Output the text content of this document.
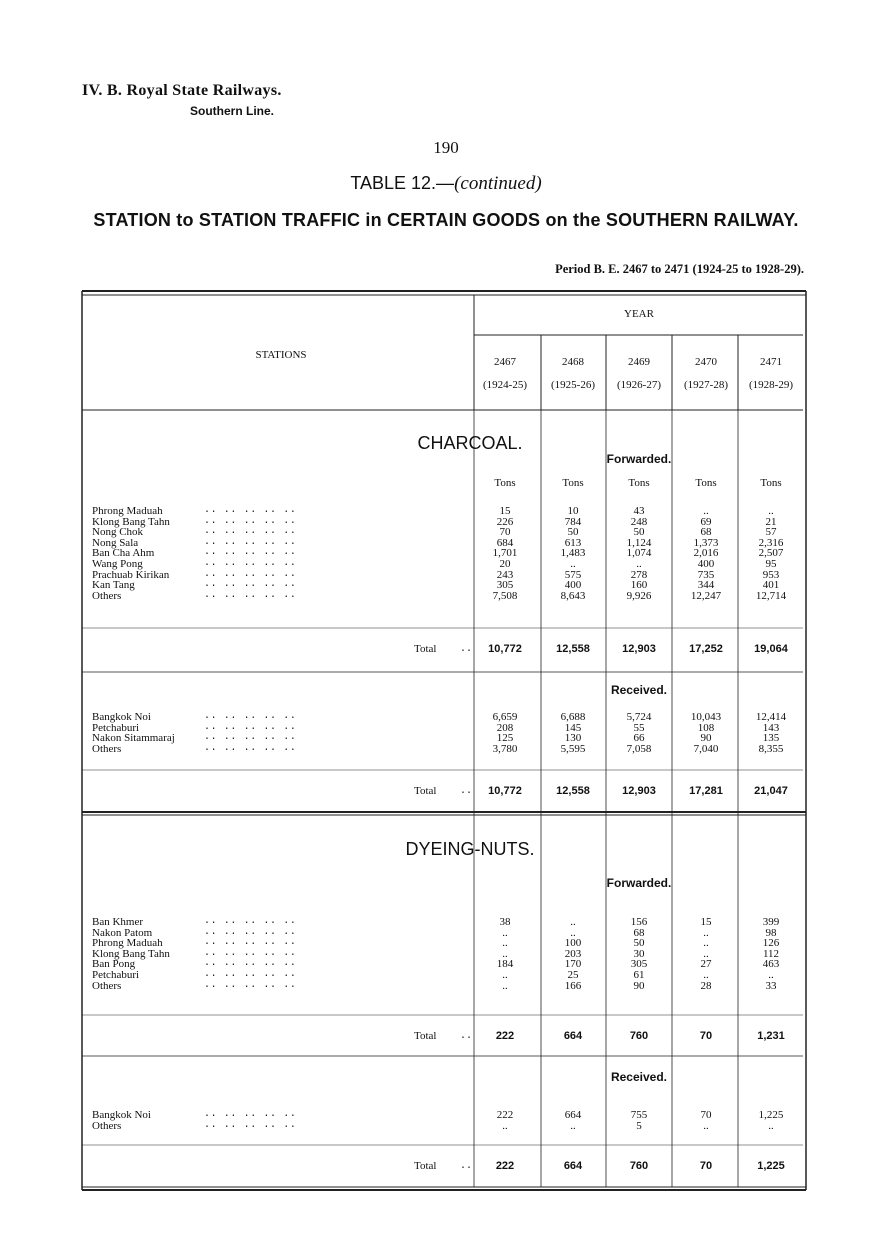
IV. B. Royal State Railways.
Southern Line.
190
TABLE 12.—(continued)
STATION to STATION TRAFFIC in CERTAIN GOODS on the SOUTHERN RAILWAY.
Period B. E. 2467 to 2471 (1924-25 to 1928-29).
YEAR
STATIONS
2467
(1924-25)
2468
(1925-26)
2469
(1926-27)
2470
(1927-28)
2471
(1928-29)
CHARCOAL.
Forwarded.
Tons	Tons	Tons	Tons	Tons
Phrong Maduah	.. .. .. .. ..	15	10	43	..	..
Klong Bang Tahn	.. .. .. .. ..	226	784	248	69	21
Nong Chok	.. .. .. .. ..	70	50	50	68	57
Nong Sala	.. .. .. .. ..	684	613	1,124	1,373	2,316
Ban Cha Ahm	.. .. .. .. ..	1,701	1,483	1,074	2,016	2,507
Wang Pong	.. .. .. .. ..	20	..	..	400	95
Prachuab Kirikan	.. .. .. .. ..	243	575	278	735	953
Kan Tang	.. .. .. .. ..	305	400	160	344	401
Others	.. .. .. .. ..	7,508	8,643	9,926	12,247	12,714
Total ..	10,772	12,558	12,903	17,252	19,064
Received.
Bangkok Noi	.. .. .. .. ..	6,659	6,688	5,724	10,043	12,414
Petchaburi	.. .. .. .. ..	208	145	55	108	143
Nakon Sitammaraj	.. .. .. .. ..	125	130	66	90	135
Others	.. .. .. .. ..	3,780	5,595	7,058	7,040	8,355
Total ..	10,772	12,558	12,903	17,281	21,047
DYEING-NUTS.
Forwarded.
Ban Khmer	.. .. .. .. ..	38	..	156	15	399
Nakon Patom	.. .. .. .. ..	..	..	68	..	98
Phrong Maduah	.. .. .. .. ..	..	100	50	..	126
Klong Bang Tahn	.. .. .. .. ..	..	203	30	..	112
Ban Pong	.. .. .. .. ..	184	170	305	27	463
Petchaburi	.. .. .. .. ..	..	25	61	..	..
Others	.. .. .. .. ..	..	166	90	28	33
Total ..	222	664	760	70	1,231
Received.
Bangkok Noi	.. .. .. .. ..	222	664	755	70	1,225
Others	.. .. .. .. ..	..	..	5	..	..
Total ..	222	664	760	70	1,225
